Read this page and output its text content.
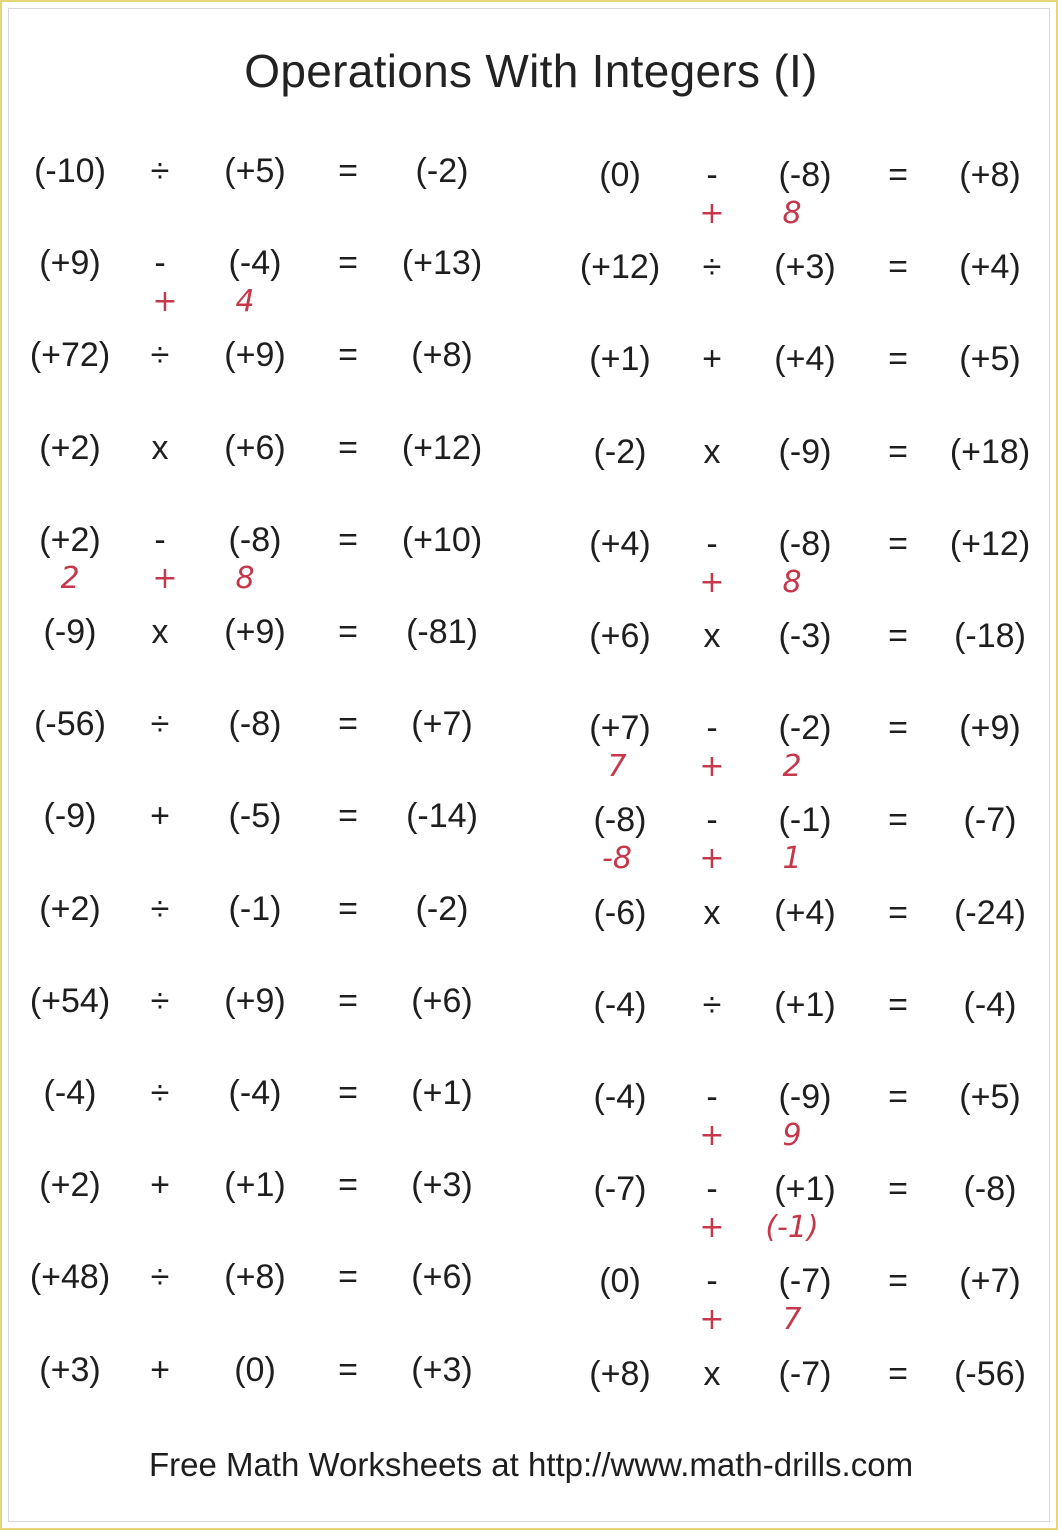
Operations With Integers (I)
(-10) ÷ (+5) = (-2)
(+9) - (-4) = (+13)
+ 4
(+72) ÷ (+9) = (+8)
(+2) x (+6) = (+12)
(+2) - (-8) = (+10)
2 + 8
(-9) x (+9) = (-81)
(-56) ÷ (-8) = (+7)
(-9) + (-5) = (-14)
(+2) ÷ (-1) = (-2)
(+54) ÷ (+9) = (+6)
(-4) ÷ (-4) = (+1)
(+2) + (+1) = (+3)
(+48) ÷ (+8) = (+6)
(+3) + (0) = (+3)
(0) - (-8) = (+8)
+ 8
(+12) ÷ (+3) = (+4)
(+1) + (+4) = (+5)
(-2) x (-9) = (+18)
(+4) - (-8) = (+12)
+ 8
(+6) x (-3) = (-18)
(+7) - (-2) = (+9)
7 + 2
(-8) - (-1) = (-7)
-8 + 1
(-6) x (+4) = (-24)
(-4) ÷ (+1) = (-4)
(-4) - (-9) = (+5)
+ 9
(-7) - (+1) = (-8)
+ (-1)
(0) - (-7) = (+7)
+ 7
(+8) x (-7) = (-56)
Free Math Worksheets at http://www.math-drills.com
